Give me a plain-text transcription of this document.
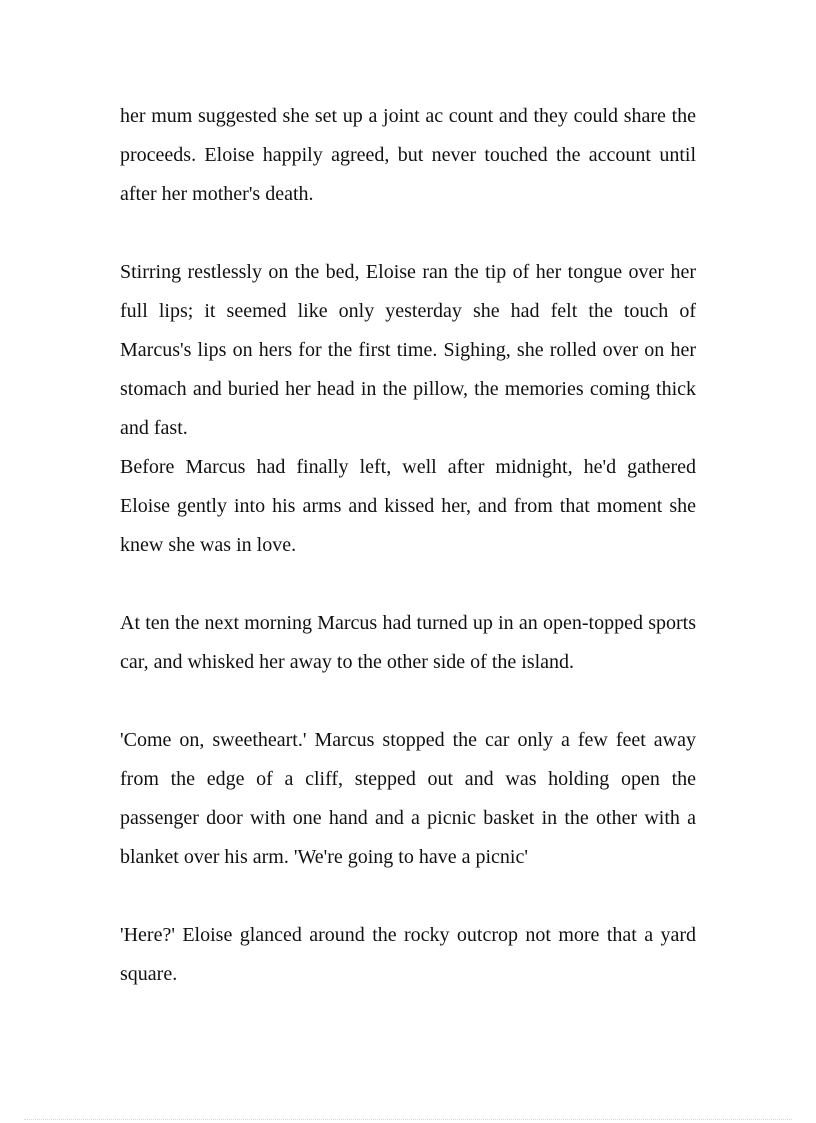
her mum suggested she set up a joint ac count and they could share the proceeds. Eloise happily agreed, but never touched the account until after her mother's death.

Stirring restlessly on the bed, Eloise ran the tip of her tongue over her full lips; it seemed like only yesterday she had felt the touch of Marcus's lips on hers for the first time. Sighing, she rolled over on her stomach and buried her head in the pillow, the memories coming thick and fast.

Before Marcus had finally left, well after midnight, he'd gathered Eloise gently into his arms and kissed her, and from that moment she knew she was in love.

At ten the next morning Marcus had turned up in an open-topped sports car, and whisked her away to the other side of the island.

'Come on, sweetheart.' Marcus stopped the car only a few feet away from the edge of a cliff, stepped out and was holding open the passenger door with one hand and a picnic basket in the other with a blanket over his arm. 'We're going to have a picnic'

'Here?' Eloise glanced around the rocky outcrop not more that a yard square.
